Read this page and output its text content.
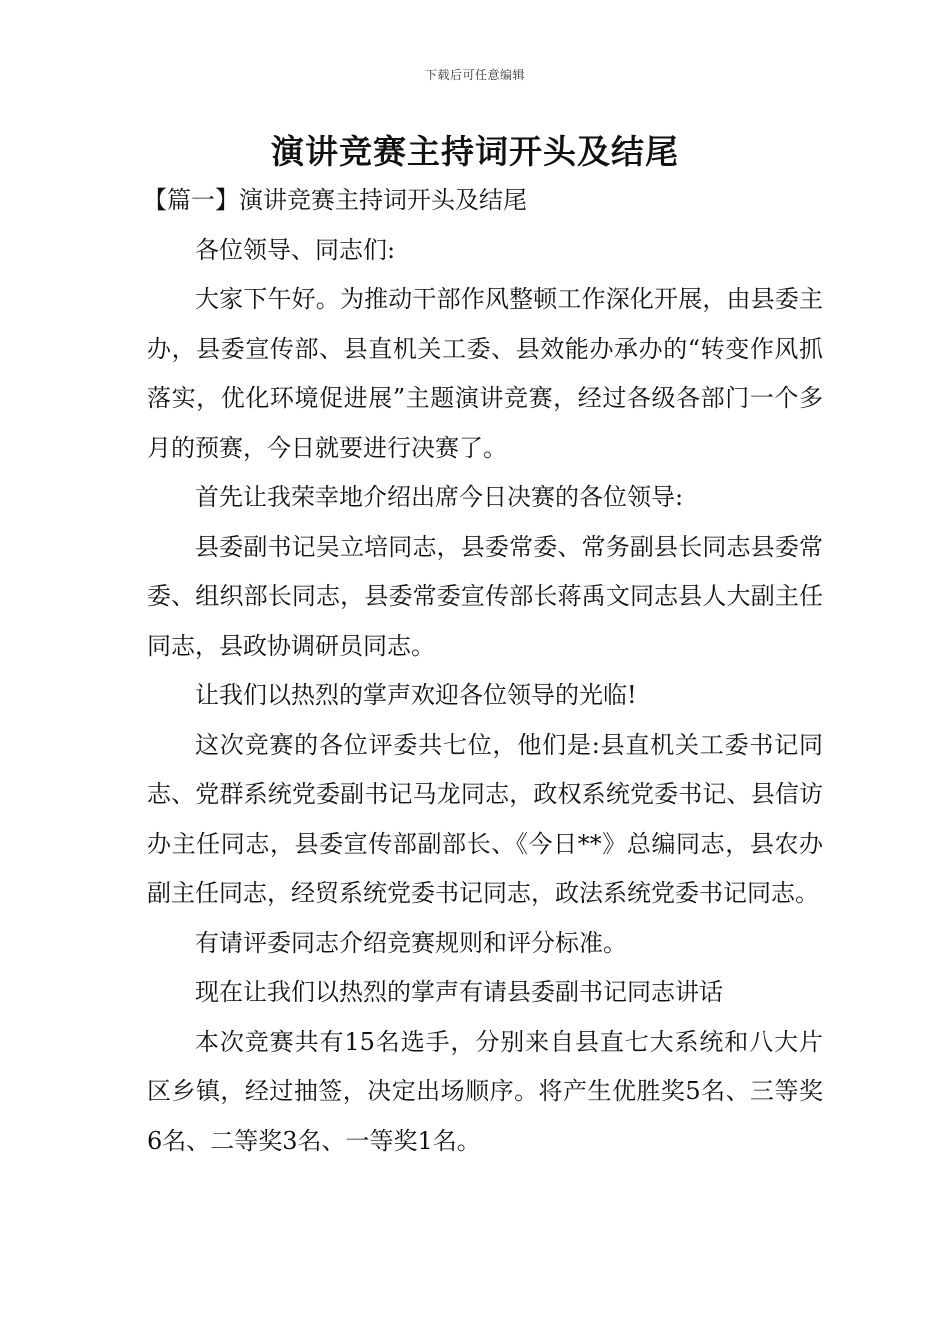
下载后可任意编辑
演讲竞赛主持词开头及结尾

【篇一】演讲竞赛主持词开头及结尾

各位领导、同志们:

大家下午好。为推动干部作风整顿工作深化开展，由县委主办，县委宣传部、县直机关工委、县效能办承办的“转变作风抓落实，优化环境促进展”主题演讲竞赛，经过各级各部门一个多月的预赛，今日就要进行决赛了。

首先让我荣幸地介绍出席今日决赛的各位领导:

县委副书记吴立培同志，县委常委、常务副县长同志县委常委、组织部长同志，县委常委宣传部长蒋禹文同志县人大副主任同志，县政协调研员同志。

让我们以热烈的掌声欢迎各位领导的光临!

这次竞赛的各位评委共七位，他们是:县直机关工委书记同志、党群系统党委副书记马龙同志，政权系统党委书记、县信访办主任同志，县委宣传部副部长、《今日**》总编同志，县农办副主任同志，经贸系统党委书记同志，政法系统党委书记同志。

有请评委同志介绍竞赛规则和评分标准。

现在让我们以热烈的掌声有请县委副书记同志讲话

本次竞赛共有15名选手，分别来自县直七大系统和八大片区乡镇，经过抽签，决定出场顺序。将产生优胜奖5名、三等奖6名、二等奖3名、一等奖1名。
